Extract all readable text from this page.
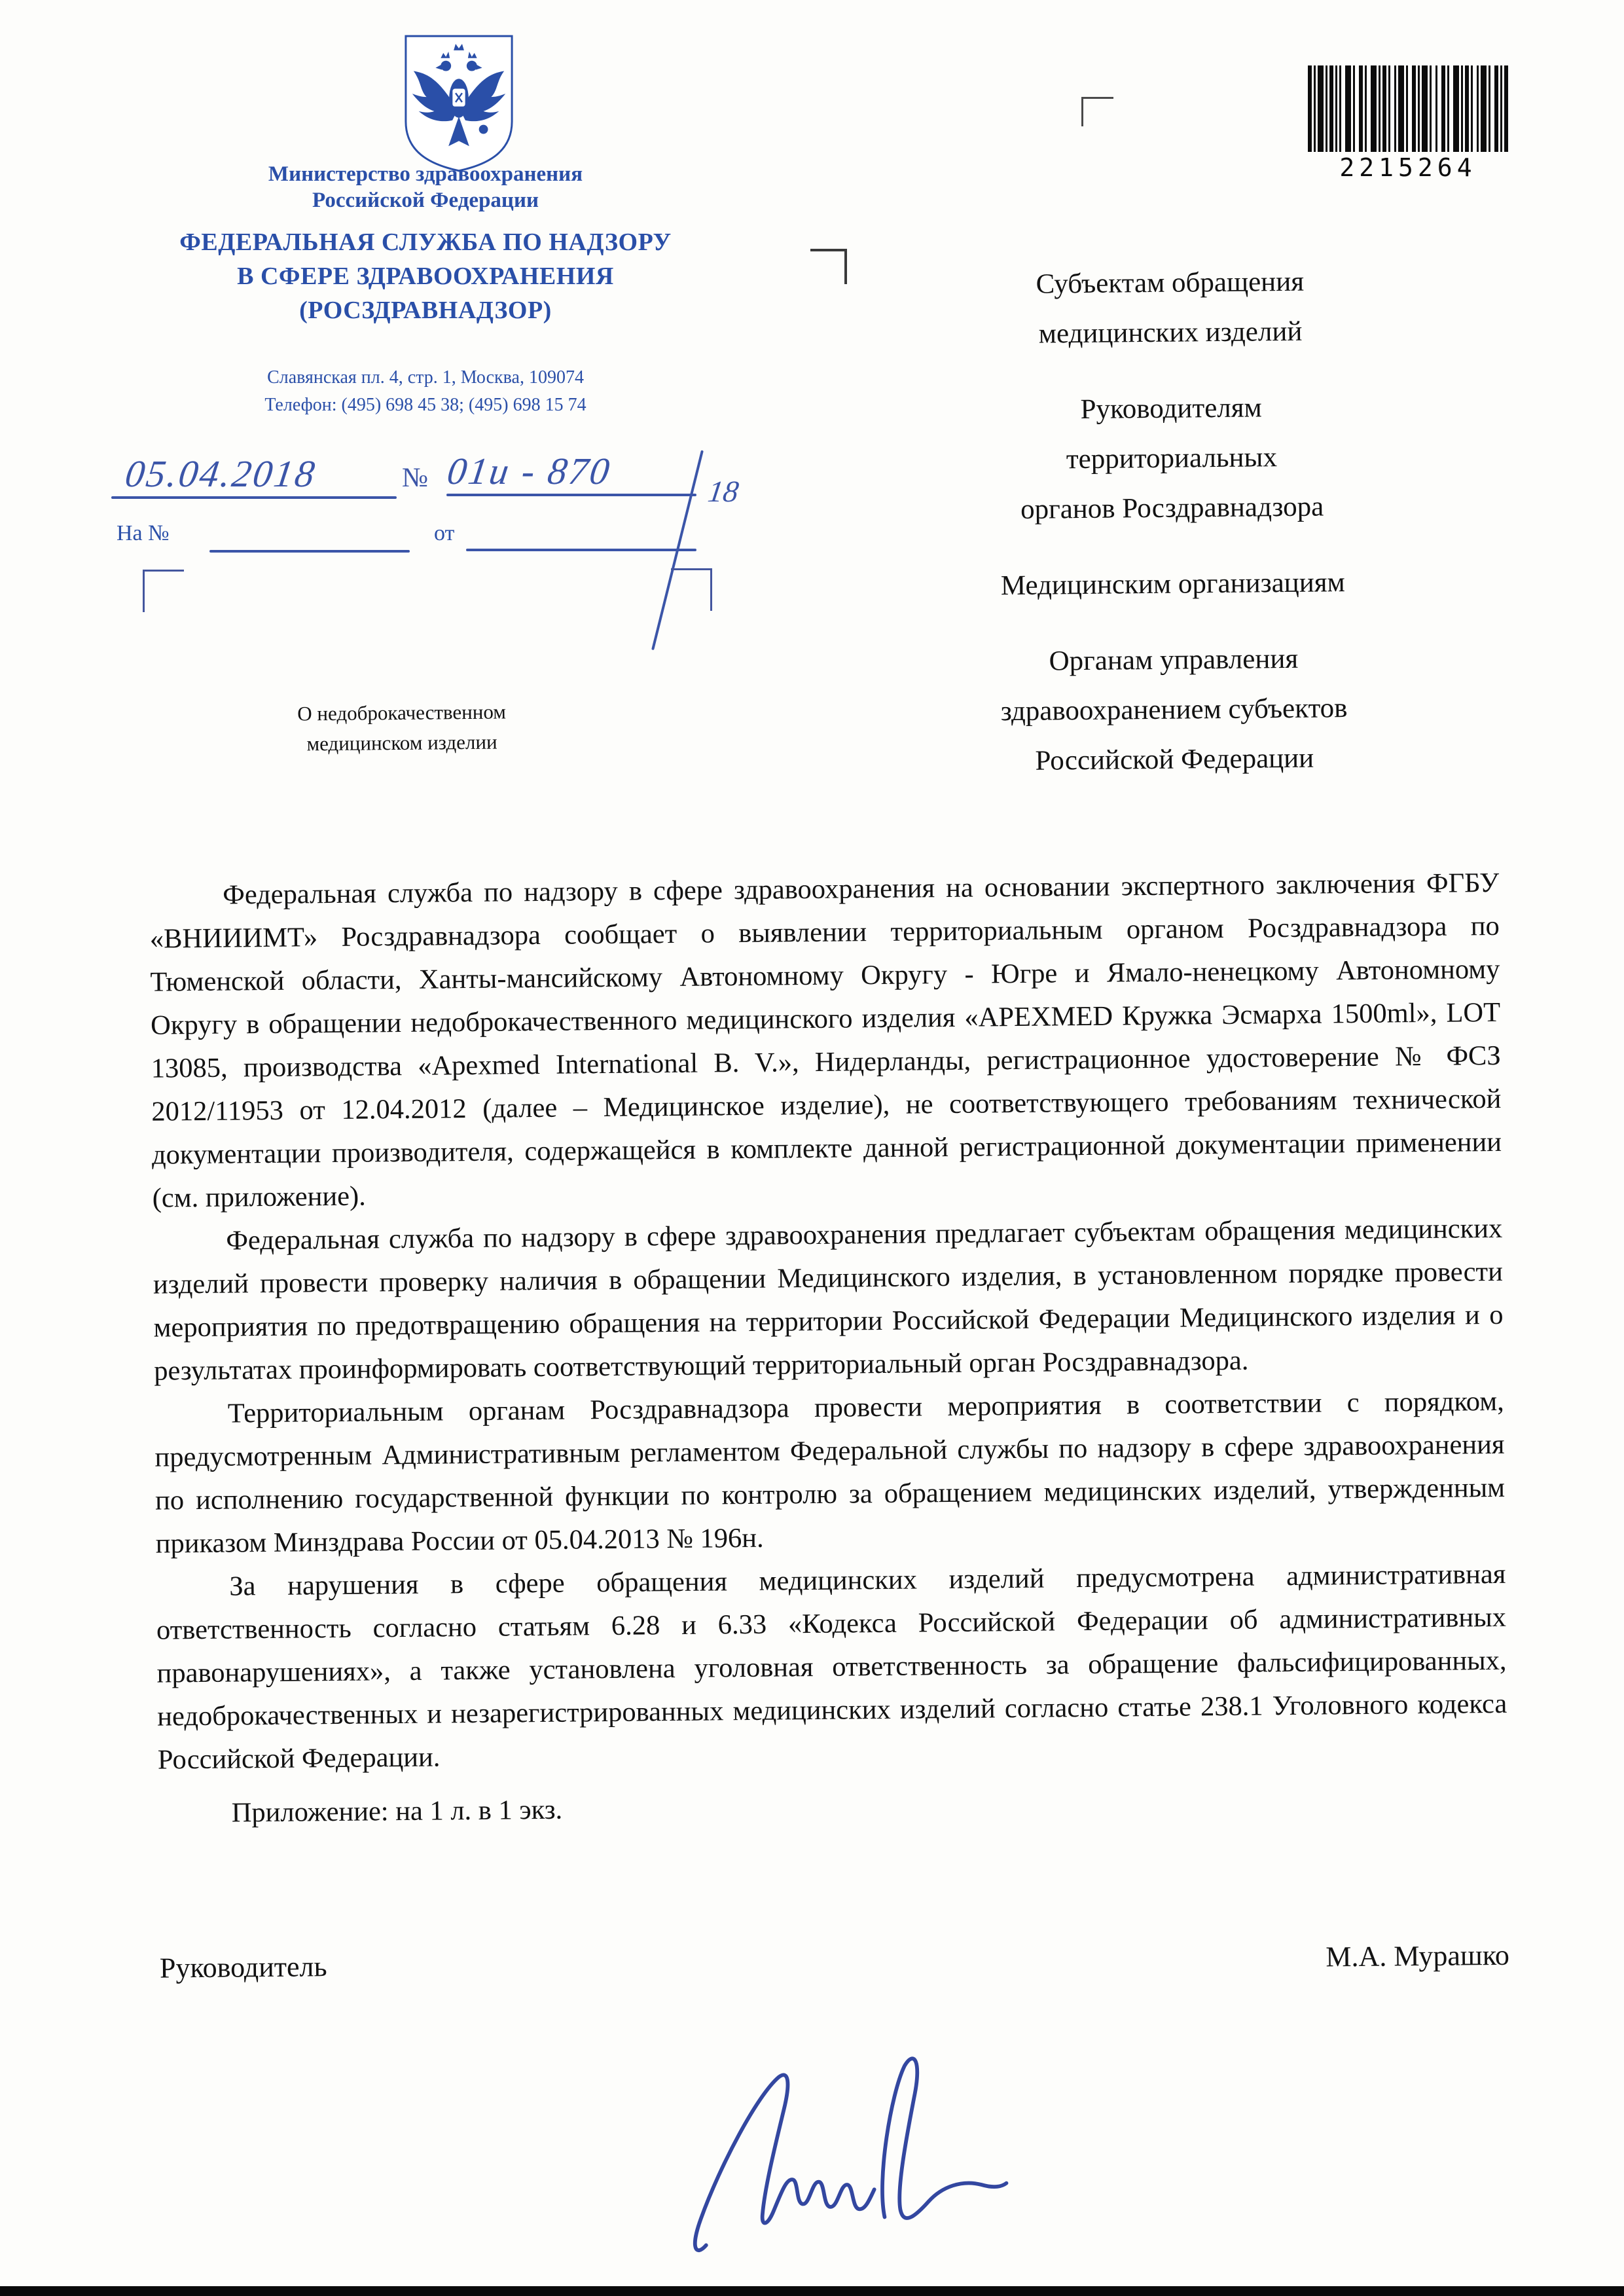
Министерство здравоохранения
Российской Федерации
ФЕДЕРАЛЬНАЯ СЛУЖБА ПО НАДЗОРУ
В СФЕРЕ ЗДРАВООХРАНЕНИЯ
(РОСЗДРАВНАДЗОР)
Славянская пл. 4, стр. 1, Москва, 109074
Телефон: (495) 698 45 38; (495) 698 15 74
2215264
05.04.2018	№ 01и - 870	18
На №	от
Субъектам обращения
медицинских изделий
Руководителям
территориальных
органов Росздравнадзора
Медицинским организациям
Органам управления
здравоохранением субъектов
Российской Федерации
О недоброкачественном
медицинском изделии

Федеральная служба по надзору в сфере здравоохранения на основании экспертного заключения ФГБУ «ВНИИИМТ» Росздравнадзора сообщает о выявлении территориальным органом Росздравнадзора по Тюменской области, Ханты-мансийскому Автономному Округу - Югре и Ямало-ненецкому Автономному Округу в обращении недоброкачественного медицинского изделия «APEXMED Кружка Эсмарха 1500ml», LOT 13085, производства «Apexmed International B. V.», Нидерланды, регистрационное удостоверение № ФСЗ 2012/11953 от 12.04.2012 (далее – Медицинское изделие), не соответствующего требованиям технической документации производителя, содержащейся в комплекте данной регистрационной документации применении (см. приложение).

Федеральная служба по надзору в сфере здравоохранения предлагает субъектам обращения медицинских изделий провести проверку наличия в обращении Медицинского изделия, в установленном порядке провести мероприятия по предотвращению обращения на территории Российской Федерации Медицинского изделия и о результатах проинформировать соответствующий территориальный орган Росздравнадзора.

Территориальным органам Росздравнадзора провести мероприятия в соответствии с порядком, предусмотренным Административным регламентом Федеральной службы по надзору в сфере здравоохранения по исполнению государственной функции по контролю за обращением медицинских изделий, утвержденным приказом Минздрава России от 05.04.2013 № 196н.

За нарушения в сфере обращения медицинских изделий предусмотрена административная ответственность согласно статьям 6.28 и 6.33 «Кодекса Российской Федерации об административных правонарушениях», а также установлена уголовная ответственность за обращение фальсифицированных, недоброкачественных и незарегистрированных медицинских изделий согласно статье 238.1 Уголовного кодекса Российской Федерации.

Приложение: на 1 л. в 1 экз.
Руководитель	М.А. Мурашко
